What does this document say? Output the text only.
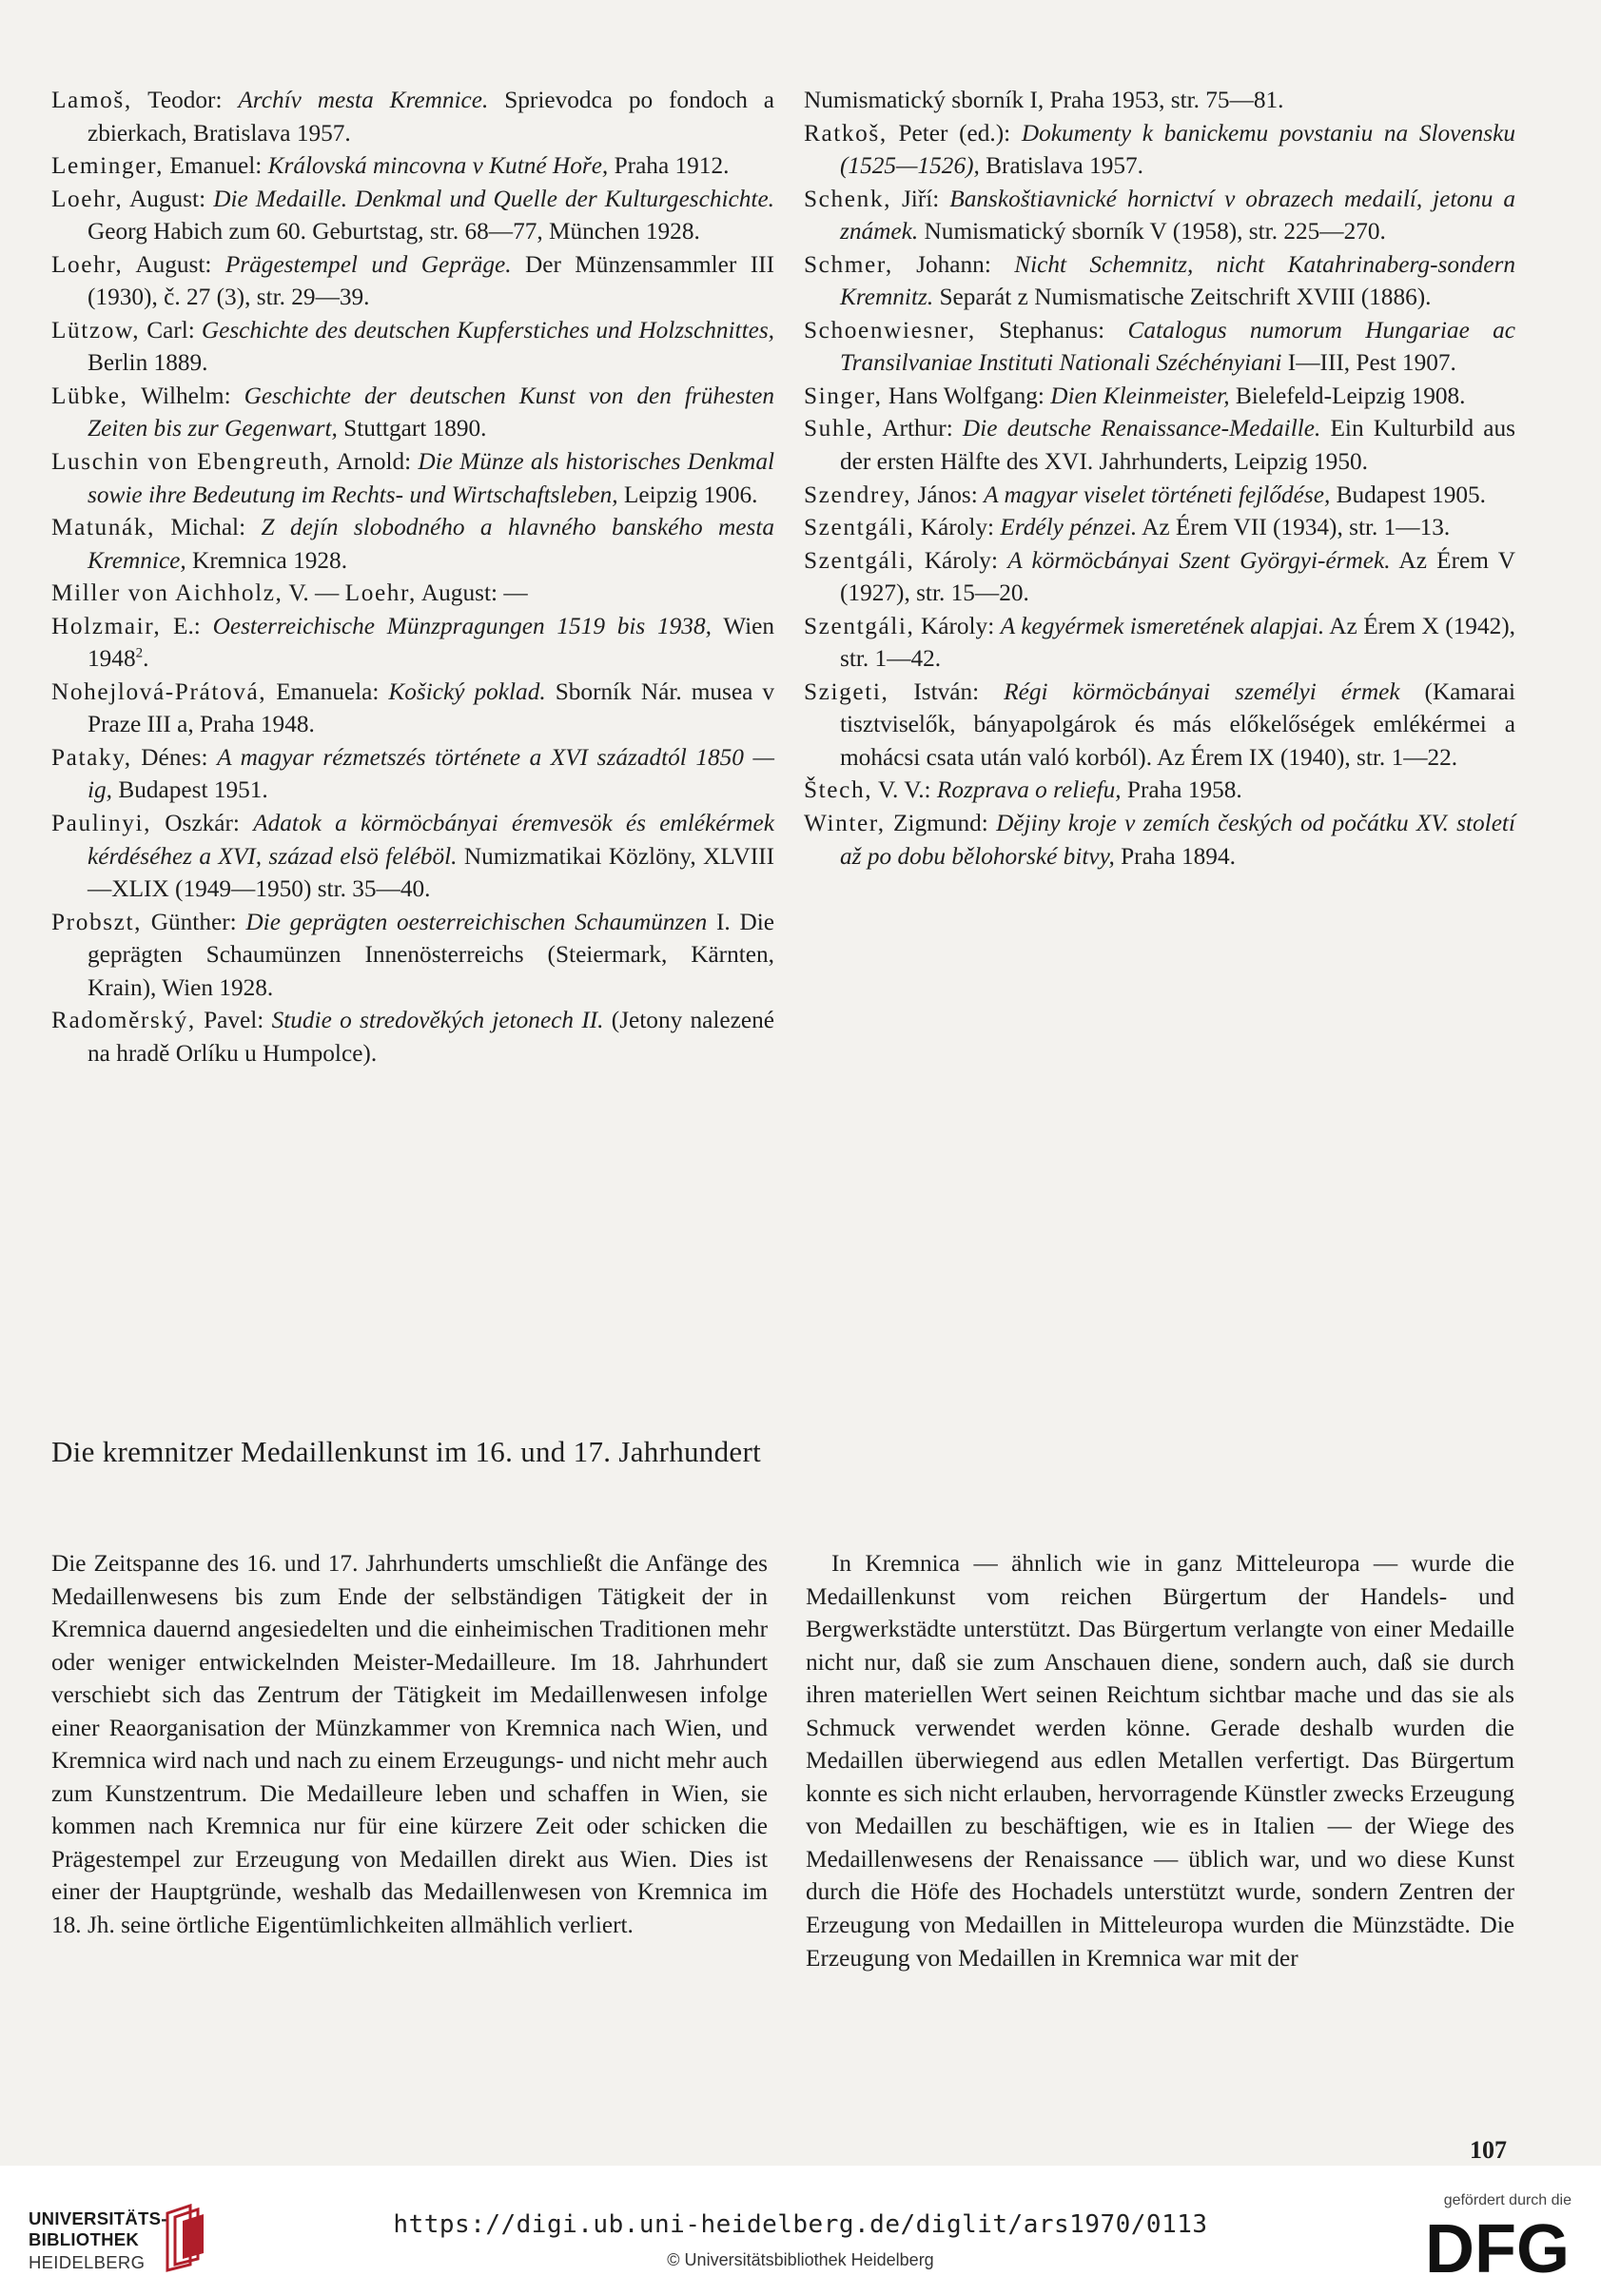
Lamoš, Teodor: Archív mesta Kremnice. Sprievodca po fondoch a zbierkach, Bratislava 1957.

Leminger, Emanuel: Královská mincovna v Kutné Hoře, Praha 1912.

Loehr, August: Die Medaille. Denkmal und Quelle der Kulturgeschichte. Georg Habich zum 60. Geburtstag, str. 68—77, München 1928.

Loehr, August: Prägestempel und Gepräge. Der Münzensammler III (1930), č. 27 (3), str. 29—39.

Lützow, Carl: Geschichte des deutschen Kupferstiches und Holzschnittes, Berlin 1889.

Lübke, Wilhelm: Geschichte der deutschen Kunst von den frühesten Zeiten bis zur Gegenwart, Stuttgart 1890.

Luschin von Ebengreuth, Arnold: Die Münze als historisches Denkmal sowie ihre Bedeutung im Rechts- und Wirtschaftsleben, Leipzig 1906.

Matunák, Michal: Z dejín slobodného a hlavného banského mesta Kremnice, Kremnica 1928.

Miller von Aichholz, V. — Loehr, August: —

Holzmair, E.: Oesterreichische Münzpragungen 1519 bis 1938, Wien 1948$^2$.

Nohejlová-Prátová, Emanuela: Košický poklad. Sborník Nár. musea v Praze III a, Praha 1948.

Pataky, Dénes: A magyar rézmetszés története a XVI századtól 1850 — ig, Budapest 1951.

Paulinyi, Oszkár: Adatok a körmöcbányai éremvesök és emlékérmek kérdéséhez a XVI, század elsö feléböl. Numizmatikai Közlöny, XLVIII—XLIX (1949—1950) str. 35—40.

Probszt, Günther: Die geprägten oesterreichischen Schaumünzen I. Die geprägten Schaumünzen Innenösterreichs (Steiermark, Kärnten, Krain), Wien 1928.

Radoměrský, Pavel: Studie o stredověkých jetonech II. (Jetony nalezené na hradě Orlíku u Humpolce).

Numismatický sborník I, Praha 1953, str. 75—81.

Ratkoš, Peter (ed.): Dokumenty k banickemu povstaniu na Slovensku (1525—1526), Bratislava 1957.

Schenk, Jiří: Banskoštiavnické hornictví v obrazech medailí, jetonu a známek. Numismatický sborník V (1958), str. 225—270.

Schmer, Johann: Nicht Schemnitz, nicht Katahrinaberg-sondern Kremnitz. Separát z Numismatische Zeitschrift XVIII (1886).

Schoenwiesner, Stephanus: Catalogus numorum Hungariae ac Transilvaniae Instituti Nationali Széchényiani I—III, Pest 1907.

Singer, Hans Wolfgang: Dien Kleinmeister, Bielefeld-Leipzig 1908.

Suhle, Arthur: Die deutsche Renaissance-Medaille. Ein Kulturbild aus der ersten Hälfte des XVI. Jahrhunderts, Leipzig 1950.

Szendrey, János: A magyar viselet történeti fejlődése, Budapest 1905.

Szentgáli, Károly: Erdély pénzei. Az Érem VII (1934), str. 1—13.

Szentgáli, Károly: A körmöcbányai Szent Györgyi-érmek. Az Érem V (1927), str. 15—20.

Szentgáli, Károly: A kegyérmek ismeretének alapjai. Az Érem X (1942), str. 1—42.

Szigeti, István: Régi körmöcbányai személyi érmek (Kamarai tisztviselők, bányapolgárok és más előkelőségek emlékérmei a mohácsi csata után való korból). Az Érem IX (1940), str. 1—22.

Štech, V. V.: Rozprava o reliefu, Praha 1958.

Winter, Zigmund: Dějiny kroje v zemích českých od počátku XV. století až po dobu bělohorské bitvy, Praha 1894.

Die kremnitzer Medaillenkunst im 16. und 17. Jahrhundert

Die Zeitspanne des 16. und 17. Jahrhunderts umschließt die Anfänge des Medaillenwesens bis zum Ende der selbständigen Tätigkeit der in Kremnica dauernd angesiedelten und die einheimischen Traditionen mehr oder weniger entwickelnden Meister-Medailleure. Im 18. Jahrhundert verschiebt sich das Zentrum der Tätigkeit im Medaillenwesen infolge einer Reaorganisation der Münzkammer von Kremnica nach Wien, und Kremnica wird nach und nach zu einem Erzeugungs- und nicht mehr auch zum Kunstzentrum. Die Medailleure leben und schaffen in Wien, sie kommen nach Kremnica nur für eine kürzere Zeit oder schicken die Prägestempel zur Erzeugung von Medaillen direkt aus Wien. Dies ist einer der Hauptgründe, weshalb das Medaillenwesen von Kremnica im 18. Jh. seine örtliche Eigentümlichkeiten allmählich verliert.

In Kremnica — ähnlich wie in ganz Mitteleuropa — wurde die Medaillenkunst vom reichen Bürgertum der Handels- und Bergwerkstädte unterstützt. Das Bürgertum verlangte von einer Medaille nicht nur, daß sie zum Anschauen diene, sondern auch, daß sie durch ihren materiellen Wert seinen Reichtum sichtbar mache und das sie als Schmuck verwendet werden könne. Gerade deshalb wurden die Medaillen überwiegend aus edlen Metallen verfertigt. Das Bürgertum konnte es sich nicht erlauben, hervorragende Künstler zwecks Erzeugung von Medaillen zu beschäftigen, wie es in Italien — der Wiege des Medaillenwesens der Renaissance — üblich war, und wo diese Kunst durch die Höfe des Hochadels unterstützt wurde, sondern Zentren der Erzeugung von Medaillen in Mitteleuropa wurden die Münzstädte. Die Erzeugung von Medaillen in Kremnica war mit der

107
UNIVERSITÄTS-
BIBLIOTHEK
HEIDELBERG
https://digi.ub.uni-heidelberg.de/diglit/ars1970/0113
© Universitätsbibliothek Heidelberg
gefördert durch die
DFG
